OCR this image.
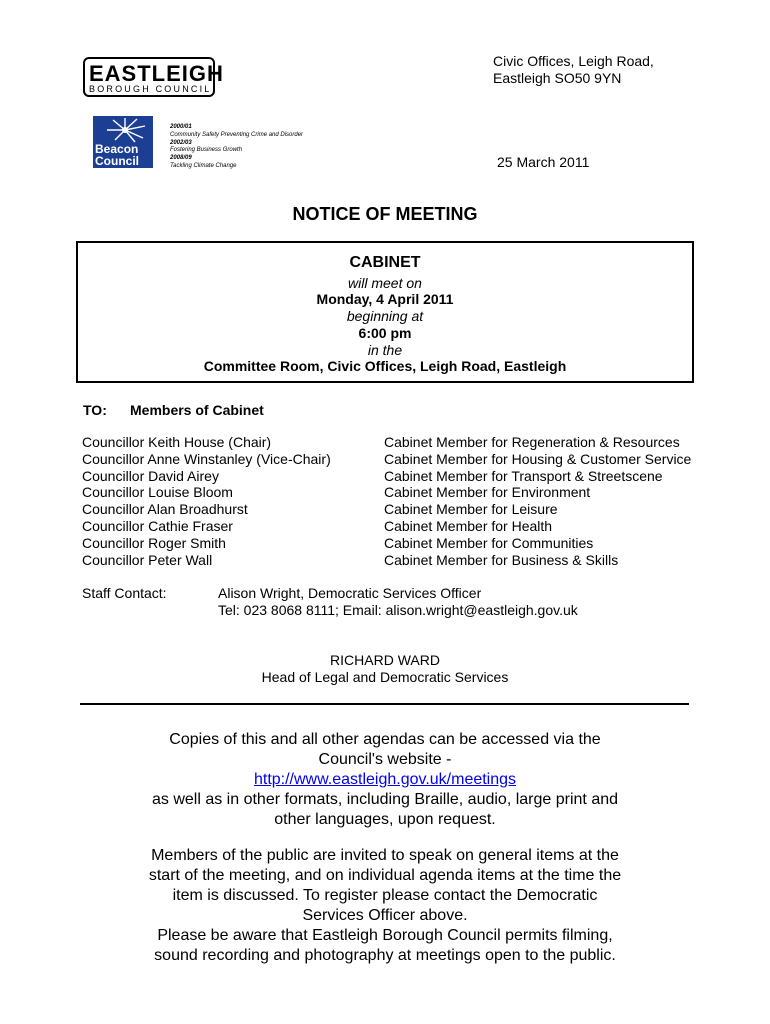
EASTLEIGH
BOROUGH COUNCIL
Civic Offices, Leigh Road,
Eastleigh SO50 9YN
Beacon
Council
2000/01
Community Safety Preventing Crime and Disorder
2002/03
Fostering Business Growth
2008/09
Tackling Climate Change	25 March 2011
NOTICE OF MEETING
CABINET
will meet on
Monday, 4 April 2011
beginning at
6:00 pm
in the
Committee Room, Civic Offices, Leigh Road, Eastleigh
TO: Members of Cabinet
Councillor Keith House (Chair)
Councillor Anne Winstanley (Vice-Chair)
Councillor David Airey
Councillor Louise Bloom
Councillor Alan Broadhurst
Councillor Cathie Fraser
Councillor Roger Smith
Councillor Peter Wall
Cabinet Member for Regeneration & Resources
Cabinet Member for Housing & Customer Service
Cabinet Member for Transport & Streetscene
Cabinet Member for Environment
Cabinet Member for Leisure
Cabinet Member for Health
Cabinet Member for Communities
Cabinet Member for Business & Skills
Staff Contact:	Alison Wright, Democratic Services Officer
Tel: 023 8068 8111; Email: alison.wright@eastleigh.gov.uk
RICHARD WARD
Head of Legal and Democratic Services
Copies of this and all other agendas can be accessed via the
Council's website -
http://www.eastleigh.gov.uk/meetings
as well as in other formats, including Braille, audio, large print and
other languages, upon request.
Members of the public are invited to speak on general items at the
start of the meeting, and on individual agenda items at the time the
item is discussed. To register please contact the Democratic
Services Officer above.
Please be aware that Eastleigh Borough Council permits filming,
sound recording and photography at meetings open to the public.
